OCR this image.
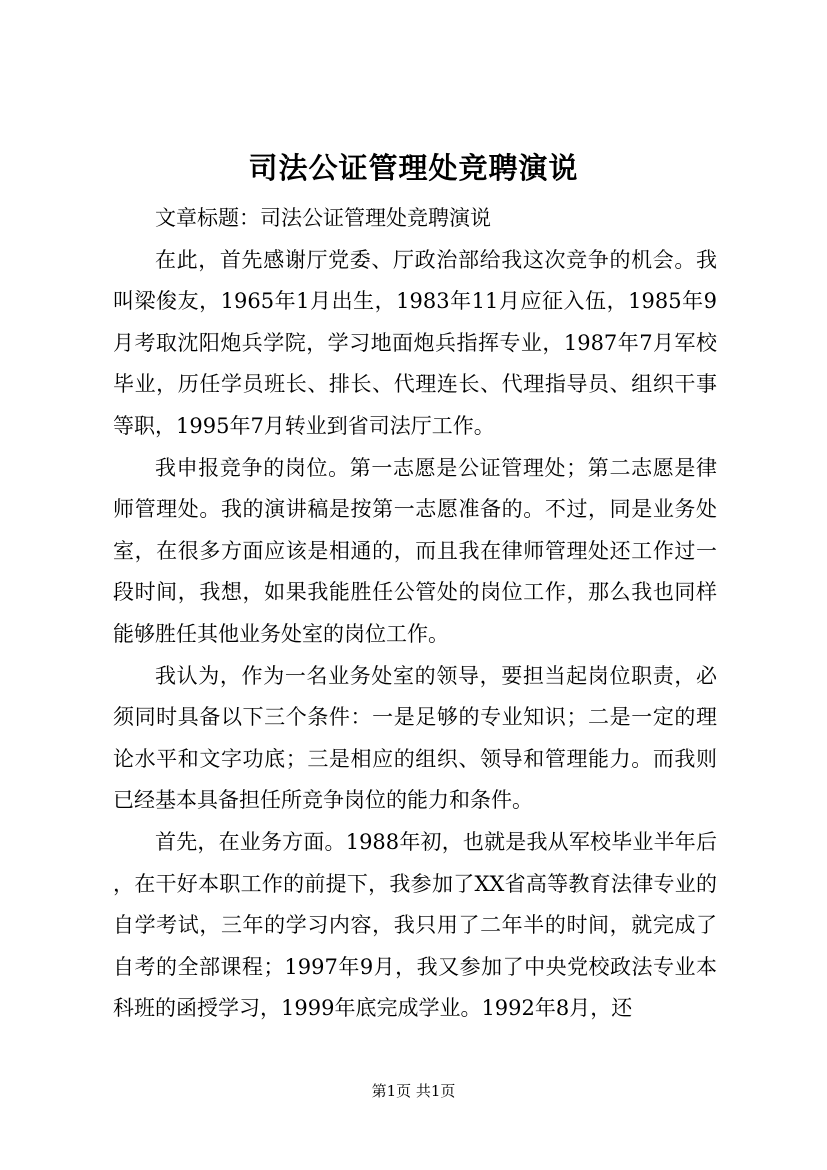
司法公证管理处竞聘演说

文章标题：司法公证管理处竞聘演说

在此，首先感谢厅党委、厅政治部给我这次竞争的机会。我叫梁俊友，1965年1月出生，1983年11月应征入伍，1985年9月考取沈阳炮兵学院，学习地面炮兵指挥专业，1987年7月军校毕业，历任学员班长、排长、代理连长、代理指导员、组织干事等职，1995年7月转业到省司法厅工作。

我申报竞争的岗位。第一志愿是公证管理处；第二志愿是律师管理处。我的演讲稿是按第一志愿准备的。不过，同是业务处室，在很多方面应该是相通的，而且我在律师管理处还工作过一段时间，我想，如果我能胜任公管处的岗位工作，那么我也同样能够胜任其他业务处室的岗位工作。

我认为，作为一名业务处室的领导，要担当起岗位职责，必须同时具备以下三个条件：一是足够的专业知识；二是一定的理论水平和文字功底；三是相应的组织、领导和管理能力。而我则已经基本具备担任所竞争岗位的能力和条件。

首先，在业务方面。1988年初，也就是我从军校毕业半年后，在干好本职工作的前提下，我参加了XX省高等教育法律专业的自学考试，三年的学习内容，我只用了二年半的时间，就完成了自考的全部课程；1997年9月，我又参加了中央党校政法专业本科班的函授学习，1999年底完成学业。1992年8月，还

第1页 共1页
